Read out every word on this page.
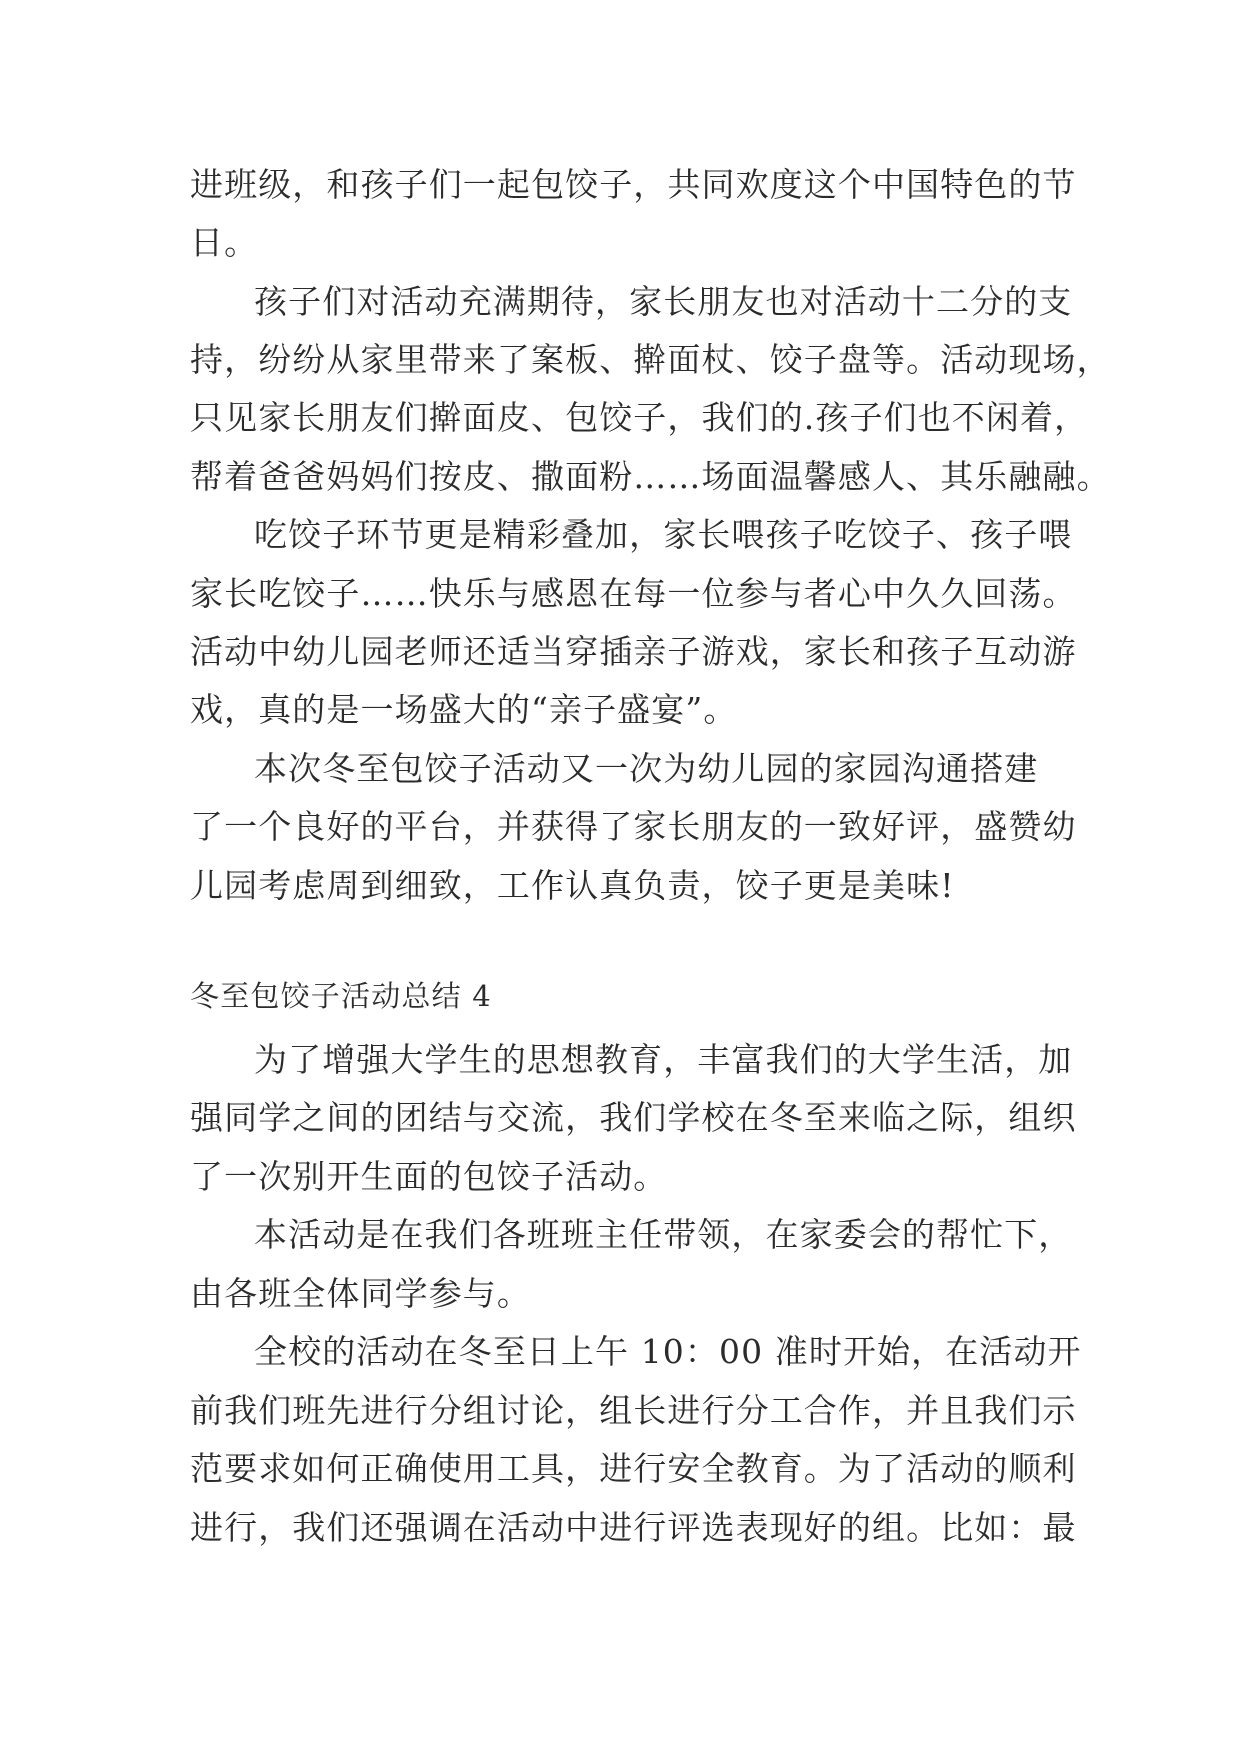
进班级，和孩子们一起包饺子，共同欢度这个中国特色的节
日。
孩子们对活动充满期待，家长朋友也对活动十二分的支
持，纷纷从家里带来了案板、擀面杖、饺子盘等。活动现场，
只见家长朋友们擀面皮、包饺子，我们的.孩子们也不闲着，
帮着爸爸妈妈们按皮、撒面粉……场面温馨感人、其乐融融。
吃饺子环节更是精彩叠加，家长喂孩子吃饺子、孩子喂
家长吃饺子……快乐与感恩在每一位参与者心中久久回荡。
活动中幼儿园老师还适当穿插亲子游戏，家长和孩子互动游
戏，真的是一场盛大的“亲子盛宴”。
本次冬至包饺子活动又一次为幼儿园的家园沟通搭建
了一个良好的平台，并获得了家长朋友的一致好评，盛赞幼
儿园考虑周到细致，工作认真负责，饺子更是美味!
冬至包饺子活动总结 4
为了增强大学生的思想教育，丰富我们的大学生活，加
强同学之间的团结与交流，我们学校在冬至来临之际，组织
了一次别开生面的包饺子活动。
本活动是在我们各班班主任带领，在家委会的帮忙下，
由各班全体同学参与。
全校的活动在冬至日上午 10：00 准时开始，在活动开
前我们班先进行分组讨论，组长进行分工合作，并且我们示
范要求如何正确使用工具，进行安全教育。为了活动的顺利
进行，我们还强调在活动中进行评选表现好的组。比如：最
